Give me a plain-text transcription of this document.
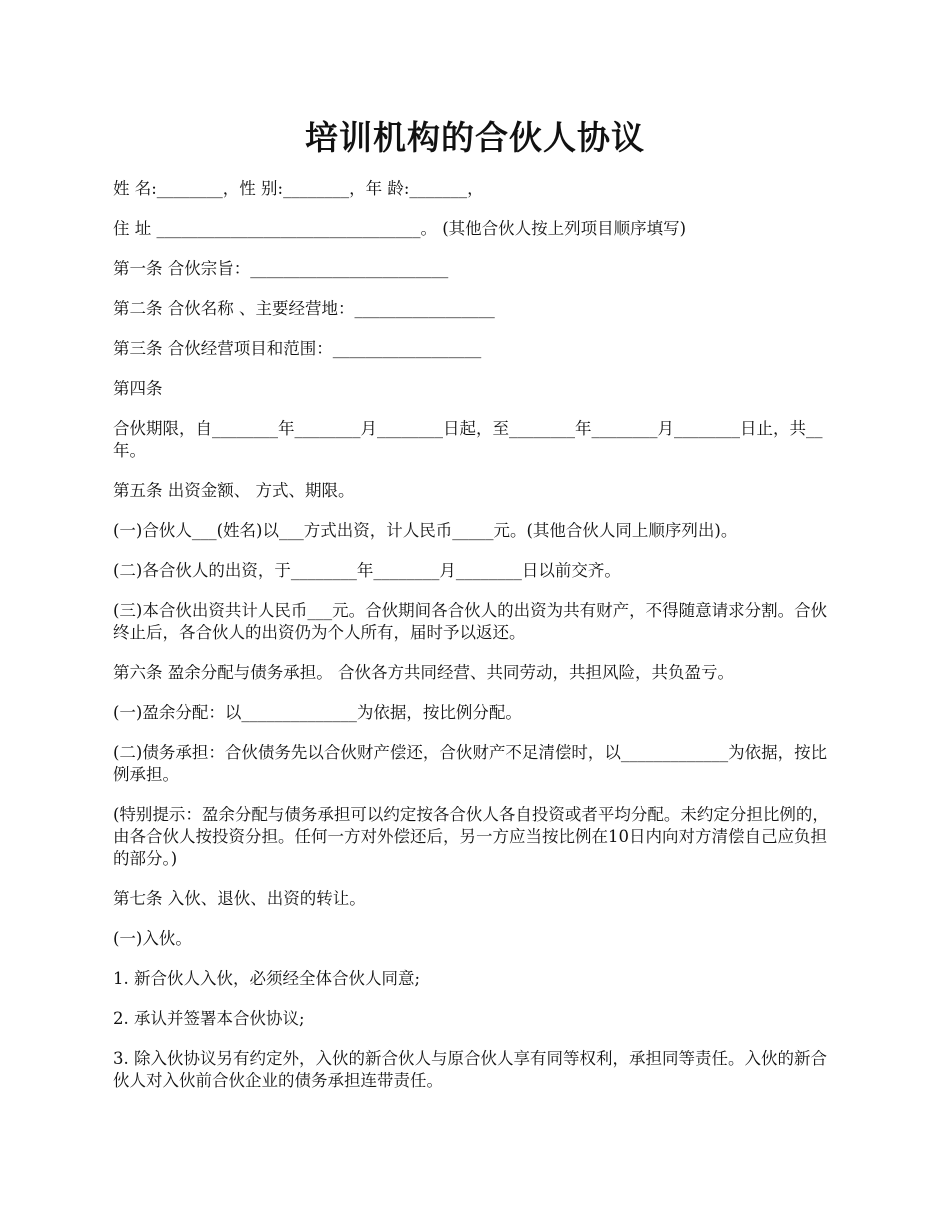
培训机构的合伙人协议

姓 名:________，性 别:________，年 龄:_______，

住 址 ________________________________。 (其他合伙人按上列项目顺序填写)

第一条 合伙宗旨：________________________

第二条 合伙名称 、主要经营地：_________________

第三条 合伙经营项目和范围：__________________

第四条

合伙期限，自________年________月________日起，至________年________月________日止，共__年。

第五条 出资金额、 方式、期限。

(一)合伙人___(姓名)以___方式出资，计人民币_____元。(其他合伙人同上顺序列出)。

(二)各合伙人的出资，于________年________月________日以前交齐。

(三)本合伙出资共计人民币___元。合伙期间各合伙人的出资为共有财产，不得随意请求分割。合伙终止后，各合伙人的出资仍为个人所有，届时予以返还。

第六条 盈余分配与债务承担。 合伙各方共同经营、共同劳动，共担风险，共负盈亏。

(一)盈余分配：以______________为依据，按比例分配。

(二)债务承担：合伙债务先以合伙财产偿还，合伙财产不足清偿时，以_____________为依据，按比例承担。

(特别提示：盈余分配与债务承担可以约定按各合伙人各自投资或者平均分配。未约定分担比例的，由各合伙人按投资分担。任何一方对外偿还后，另一方应当按比例在10日内向对方清偿自己应负担的部分。)

第七条 入伙、退伙、出资的转让。

(一)入伙。

1. 新合伙人入伙，必须经全体合伙人同意;

2. 承认并签署本合伙协议;

3. 除入伙协议另有约定外，入伙的新合伙人与原合伙人享有同等权利，承担同等责任。入伙的新合伙人对入伙前合伙企业的债务承担连带责任。
